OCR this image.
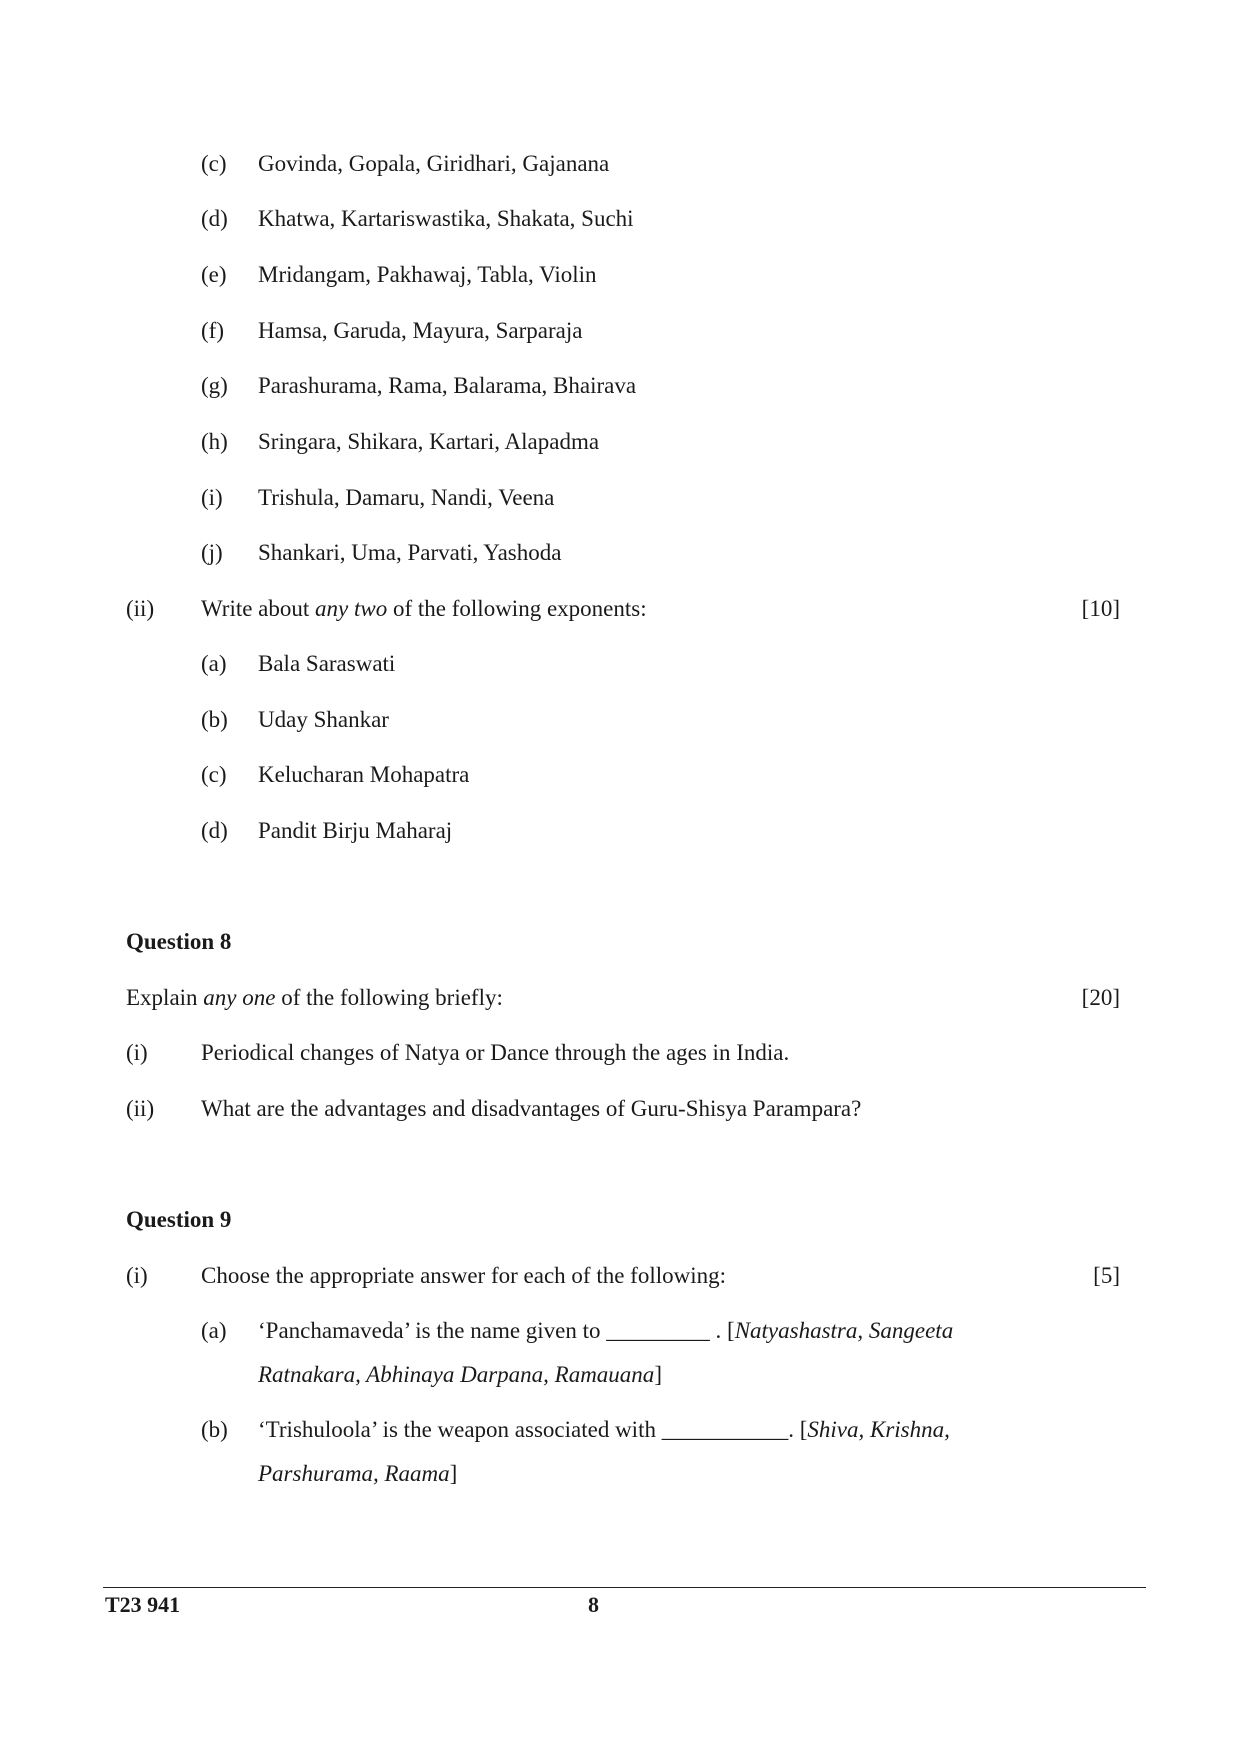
(c) Govinda, Gopala, Giridhari, Gajanana
(d) Khatwa, Kartariswastika, Shakata, Suchi
(e) Mridangam, Pakhawaj, Tabla, Violin
(f) Hamsa, Garuda, Mayura, Sarparaja
(g) Parashurama, Rama, Balarama, Bhairava
(h) Sringara, Shikara, Kartari, Alapadma
(i) Trishula, Damaru, Nandi, Veena
(j) Shankari, Uma, Parvati, Yashoda
(ii) Write about any two of the following exponents:	[10]
(a) Bala Saraswati
(b) Uday Shankar
(c) Kelucharan Mohapatra
(d) Pandit Birju Maharaj
Question 8
Explain any one of the following briefly:	[20]
(i) Periodical changes of Natya or Dance through the ages in India.
(ii) What are the advantages and disadvantages of Guru-Shisya Parampara?
Question 9
(i) Choose the appropriate answer for each of the following:	[5]
(a) ‘Panchamaveda’ is the name given to _________ . [Natyashastra, Sangeeta
Ratnakara, Abhinaya Darpana, Ramauana]
(b) ‘Trishuloola’ is the weapon associated with ___________. [Shiva, Krishna,
Parshurama, Raama]
T23 941	8
